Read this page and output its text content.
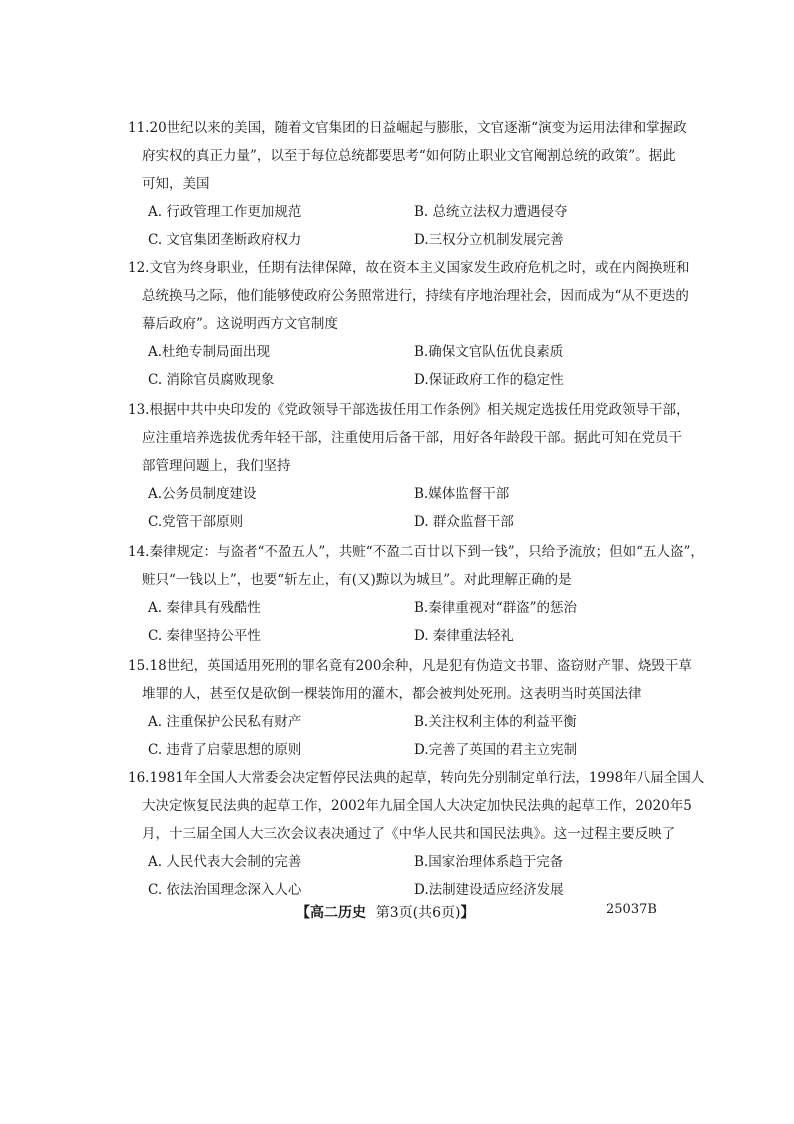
11.20世纪以来的美国，随着文官集团的日益崛起与膨胀，文官逐渐“演变为运用法律和掌握政
府实权的真正力量”，以至于每位总统都要思考“如何防止职业文官阉割总统的政策”。据此
可知，美国

A. 行政管理工作更加规范	B. 总统立法权力遭遇侵夺
C. 文官集团垄断政府权力	D.三权分立机制发展完善

12.文官为终身职业，任期有法律保障，故在资本主义国家发生政府危机之时，或在内阁换班和
总统换马之际，他们能够使政府公务照常进行，持续有序地治理社会，因而成为“从不更迭的
幕后政府”。这说明西方文官制度

A.杜绝专制局面出现	B.确保文官队伍优良素质
C. 消除官员腐败现象	D.保证政府工作的稳定性

13.根据中共中央印发的《党政领导干部选拔任用工作条例》相关规定选拔任用党政领导干部，
应注重培养选拔优秀年轻干部，注重使用后备干部，用好各年龄段干部。据此可知在党员干
部管理问题上，我们坚持

A.公务员制度建设	B.媒体监督干部
C.党管干部原则	D. 群众监督干部

14.秦律规定：与盗者“不盈五人”，共赃“不盈二百廿以下到一钱”，只给予流放；但如“五人盗”，
赃只“一钱以上”，也要“斩左止，有(又)黥以为城旦”。对此理解正确的是

A. 秦律具有残酷性	B.秦律重视对“群盗”的惩治
C. 秦律坚持公平性	D. 秦律重法轻礼

15.18世纪，英国适用死刑的罪名竟有200余种，凡是犯有伪造文书罪、盗窃财产罪、烧毁干草
堆罪的人，甚至仅是砍倒一棵装饰用的灌木，都会被判处死刑。这表明当时英国法律

A. 注重保护公民私有财产	B.关注权利主体的利益平衡
C. 违背了启蒙思想的原则	D.完善了英国的君主立宪制

16.1981年全国人大常委会决定暂停民法典的起草，转向先分别制定单行法，1998年八届全国人
大决定恢复民法典的起草工作，2002年九届全国人大决定加快民法典的起草工作，2020年5
月，十三届全国人大三次会议表决通过了《中华人民共和国民法典》。这一过程主要反映了

A. 人民代表大会制的完善	B.国家治理体系趋于完备
C. 依法治国理念深入人心	D.法制建设适应经济发展
【高二历史 第3页(共6页)】	25037B
